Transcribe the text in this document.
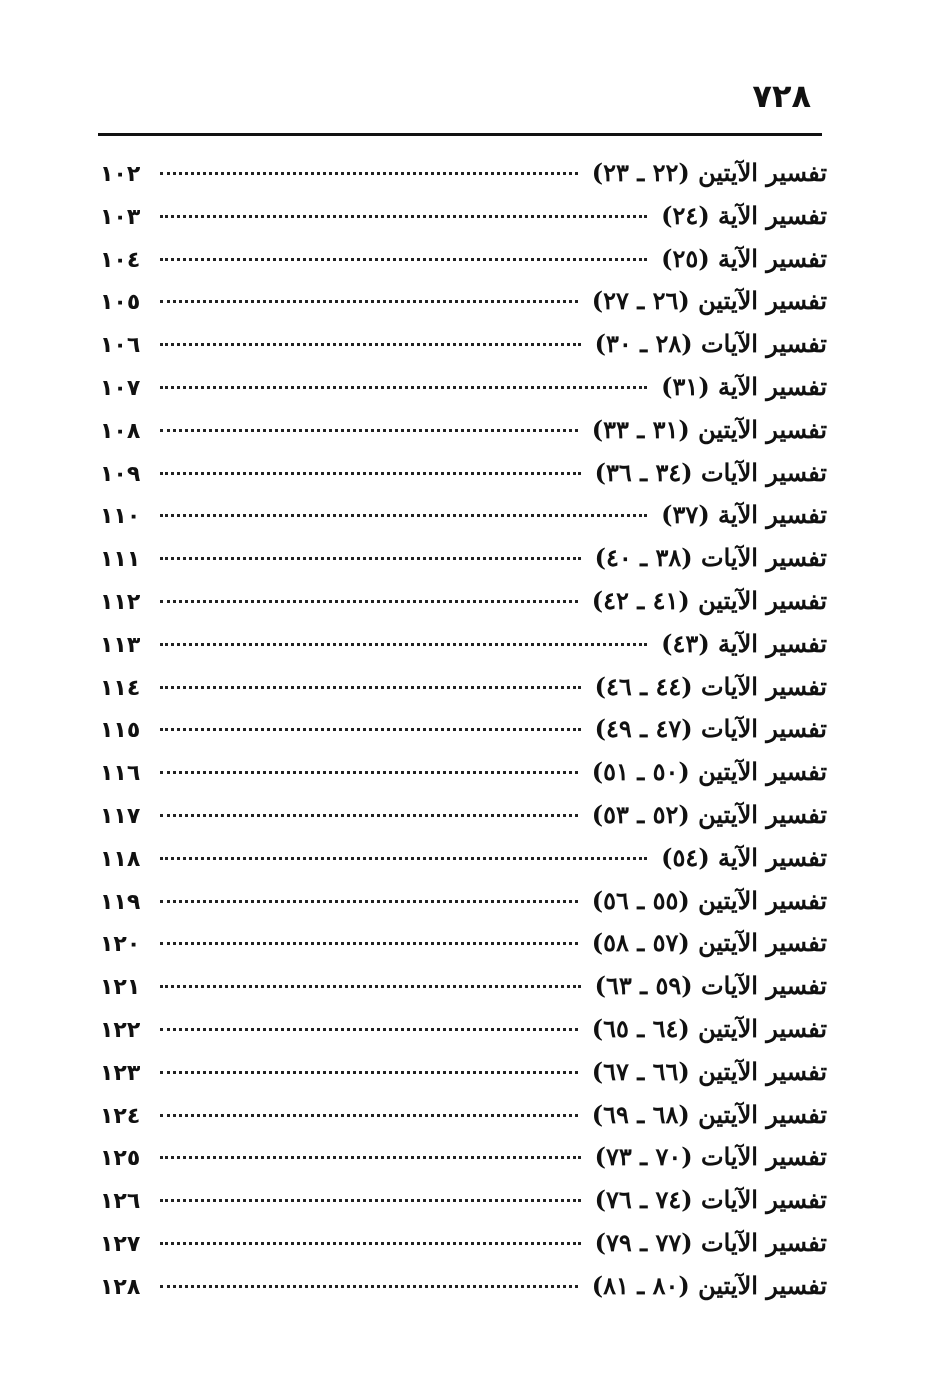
٧٢٨
تفسير الآيتين (٢٢ ـ ٢٣)
١٠٢
تفسير الآية (٢٤)
١٠٣
تفسير الآية (٢٥)
١٠٤
تفسير الآيتين (٢٦ ـ ٢٧)
١٠٥
تفسير الآيات (٢٨ ـ ٣٠)
١٠٦
تفسير الآية (٣١)
١٠٧
تفسير الآيتين (٣١ ـ ٣٣)
١٠٨
تفسير الآيات (٣٤ ـ ٣٦)
١٠٩
تفسير الآية (٣٧)
١١٠
تفسير الآيات (٣٨ ـ ٤٠)
١١١
تفسير الآيتين (٤١ ـ ٤٢)
١١٢
تفسير الآية (٤٣)
١١٣
تفسير الآيات (٤٤ ـ ٤٦)
١١٤
تفسير الآيات (٤٧ ـ ٤٩)
١١٥
تفسير الآيتين (٥٠ ـ ٥١)
١١٦
تفسير الآيتين (٥٢ ـ ٥٣)
١١٧
تفسير الآية (٥٤)
١١٨
تفسير الآيتين (٥٥ ـ ٥٦)
١١٩
تفسير الآيتين (٥٧ ـ ٥٨)
١٢٠
تفسير الآيات (٥٩ ـ ٦٣)
١٢١
تفسير الآيتين (٦٤ ـ ٦٥)
١٢٢
تفسير الآيتين (٦٦ ـ ٦٧)
١٢٣
تفسير الآيتين (٦٨ ـ ٦٩)
١٢٤
تفسير الآيات (٧٠ ـ ٧٣)
١٢٥
تفسير الآيات (٧٤ ـ ٧٦)
١٢٦
تفسير الآيات (٧٧ ـ ٧٩)
١٢٧
تفسير الآيتين (٨٠ ـ ٨١)
١٢٨
